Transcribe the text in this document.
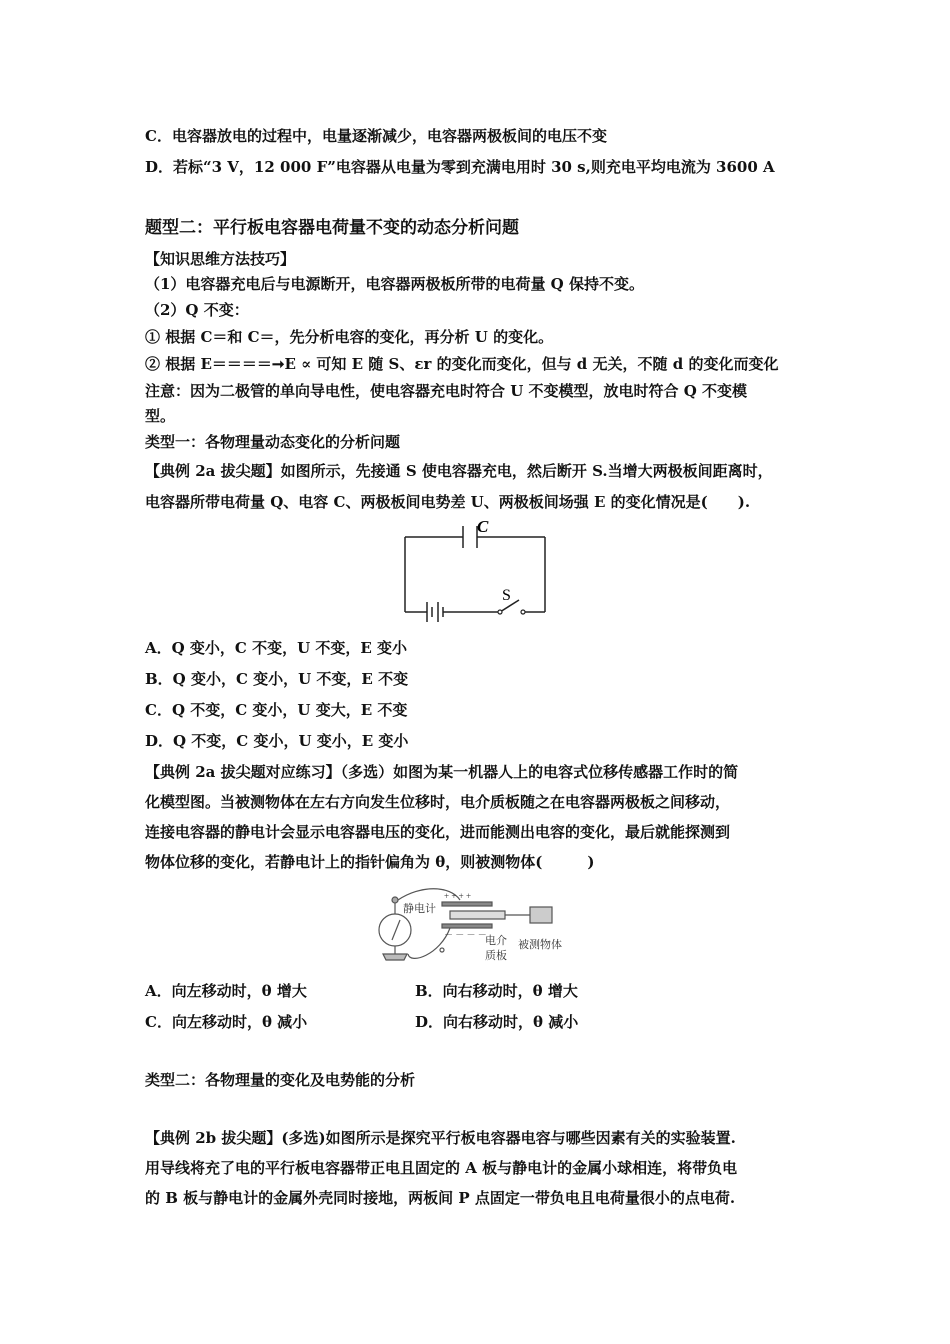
C．电容器放电的过程中，电量逐渐减少，电容器两极板间的电压不变
D．若标“3 V，12 000 F”电容器从电量为零到充满电用时 30 s,则充电平均电流为 3600 A
题型二：平行板电容器电荷量不变的动态分析问题
【知识思维方法技巧】
（1）电容器充电后与电源断开，电容器两极板所带的电荷量 Q 保持不变。
（2）Q 不变：
① 根据 C＝和 C＝，先分析电容的变化，再分析 U 的变化。
② 根据 E＝＝＝＝➞E ∝ 可知 E 随 S、εr 的变化而变化，但与 d 无关，不随 d 的变化而变化
注意：因为二极管的单向导电性，使电容器充电时符合 U 不变模型，放电时符合 Q 不变模
型。
类型一：各物理量动态变化的分析问题
【典例 2a 拔尖题】如图所示，先接通 S 使电容器充电，然后断开 S.当增大两极板间距离时，
电容器所带电荷量 Q、电容 C、两极板间电势差 U、两极板间场强 E 的变化情况是(　　).
C
S
A．Q 变小，C 不变，U 不变，E 变小
B．Q 变小，C 变小，U 不变，E 不变
C．Q 不变，C 变小，U 变大，E 不变
D．Q 不变，C 变小，U 变小，E 变小
【典例 2a 拔尖题对应练习】（多选）如图为某一机器人上的电容式位移传感器工作时的简
化模型图。当被测物体在左右方向发生位移时，电介质板随之在电容器两极板之间移动，
连接电容器的静电计会显示电容器电压的变化，进而能测出电容的变化，最后就能探测到
物体位移的变化，若静电计上的指针偏角为 θ，则被测物体(　　　)
静电计
+ + + +
－ － － －
电介
质板
被测物体
A．向左移动时，θ 增大	B．向右移动时，θ 增大
C．向左移动时，θ 减小	D．向右移动时，θ 减小
类型二：各物理量的变化及电势能的分析
【典例 2b 拔尖题】(多选)如图所示是探究平行板电容器电容与哪些因素有关的实验装置.
用导线将充了电的平行板电容器带正电且固定的 A 板与静电计的金属小球相连，将带负电
的 B 板与静电计的金属外壳同时接地，两板间 P 点固定一带负电且电荷量很小的点电荷.
